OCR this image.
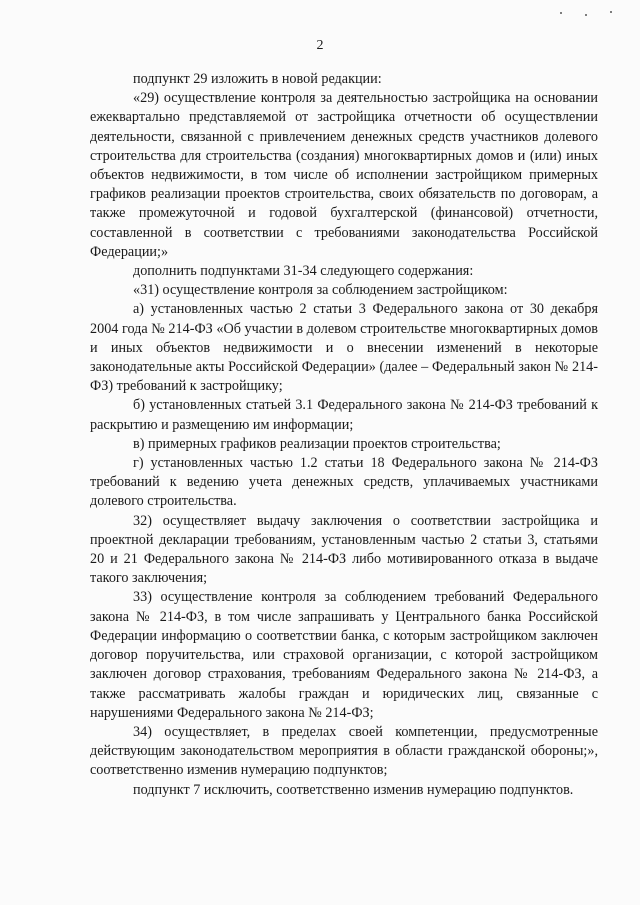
2

подпункт 29 изложить в новой редакции:

«29) осуществление контроля за деятельностью застройщика на основании ежеквартально представляемой от застройщика отчетности об осуществлении деятельности, связанной с привлечением денежных средств участников долевого строительства для строительства (создания) многоквартирных домов и (или) иных объектов недвижимости, в том числе об исполнении застройщиком примерных графиков реализации проектов строительства, своих обязательств по договорам, а также промежуточной и годовой бухгалтерской (финансовой) отчетности, составленной в соответствии с требованиями законодательства Российской Федерации;»

дополнить подпунктами 31-34 следующего содержания:

«31) осуществление контроля за соблюдением застройщиком:

а) установленных частью 2 статьи 3 Федерального закона от 30 декабря 2004 года № 214-ФЗ «Об участии в долевом строительстве многоквартирных домов и иных объектов недвижимости и о внесении изменений в некоторые законодательные акты Российской Федерации» (далее – Федеральный закон № 214-ФЗ) требований к застройщику;

б) установленных статьей 3.1 Федерального закона № 214-ФЗ требований к раскрытию и размещению им информации;

в) примерных графиков реализации проектов строительства;

г) установленных частью 1.2 статьи 18 Федерального закона № 214-ФЗ требований к ведению учета денежных средств, уплачиваемых участниками долевого строительства.

32) осуществляет выдачу заключения о соответствии застройщика и проектной декларации требованиям, установленным частью 2 статьи 3, статьями 20 и 21 Федерального закона № 214-ФЗ либо мотивированного отказа в выдаче такого заключения;

33) осуществление контроля за соблюдением требований Федерального закона № 214-ФЗ, в том числе запрашивать у Центрального банка Российской Федерации информацию о соответствии банка, с которым застройщиком заключен договор поручительства, или страховой организации, с которой застройщиком заключен договор страхования, требованиям Федерального закона № 214-ФЗ, а также рассматривать жалобы граждан и юридических лиц, связанные с нарушениями Федерального закона № 214-ФЗ;

34) осуществляет, в пределах своей компетенции, предусмотренные действующим законодательством мероприятия в области гражданской обороны;», соответственно изменив нумерацию подпунктов;

подпункт 7 исключить, соответственно изменив нумерацию подпунктов.
